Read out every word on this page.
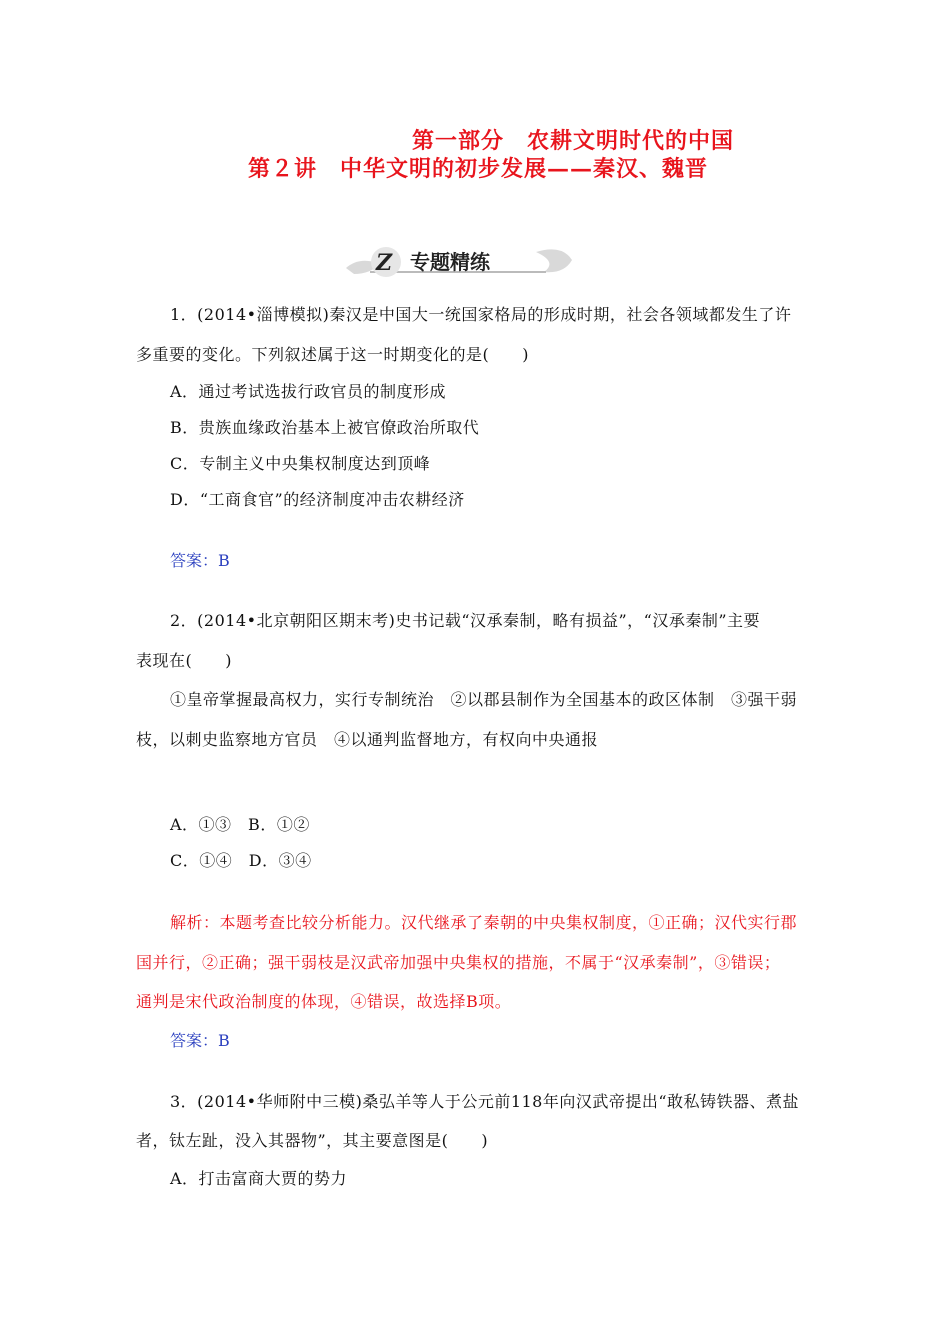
第一部分　农耕文明时代的中国
第２讲　中华文明的初步发展——秦汉、魏晋
Z 专题精练
1．(2014•淄博模拟)秦汉是中国大一统国家格局的形成时期，社会各领域都发生了许
多重要的变化。下列叙述属于这一时期变化的是(　　)
A．通过考试选拔行政官员的制度形成
B．贵族血缘政治基本上被官僚政治所取代
C．专制主义中央集权制度达到顶峰
D．“工商食官”的经济制度冲击农耕经济
答案：B
2．(2014•北京朝阳区期末考)史书记载“汉承秦制，略有损益”，“汉承秦制”主要
表现在(　　)
①皇帝掌握最高权力，实行专制统治　②以郡县制作为全国基本的政区体制　③强干弱
枝，以刺史监察地方官员　④以通判监督地方，有权向中央通报
A．①③　B．①②
C．①④　D．③④
解析：本题考查比较分析能力。汉代继承了秦朝的中央集权制度，①正确；汉代实行郡
国并行，②正确；强干弱枝是汉武帝加强中央集权的措施，不属于“汉承秦制”，③错误；
通判是宋代政治制度的体现，④错误，故选择B项。
答案：B
3．(2014•华师附中三模)桑弘羊等人于公元前118年向汉武帝提出“敢私铸铁器、煮盐
者，钛左趾，没入其器物”，其主要意图是(　　)
A．打击富商大贾的势力
